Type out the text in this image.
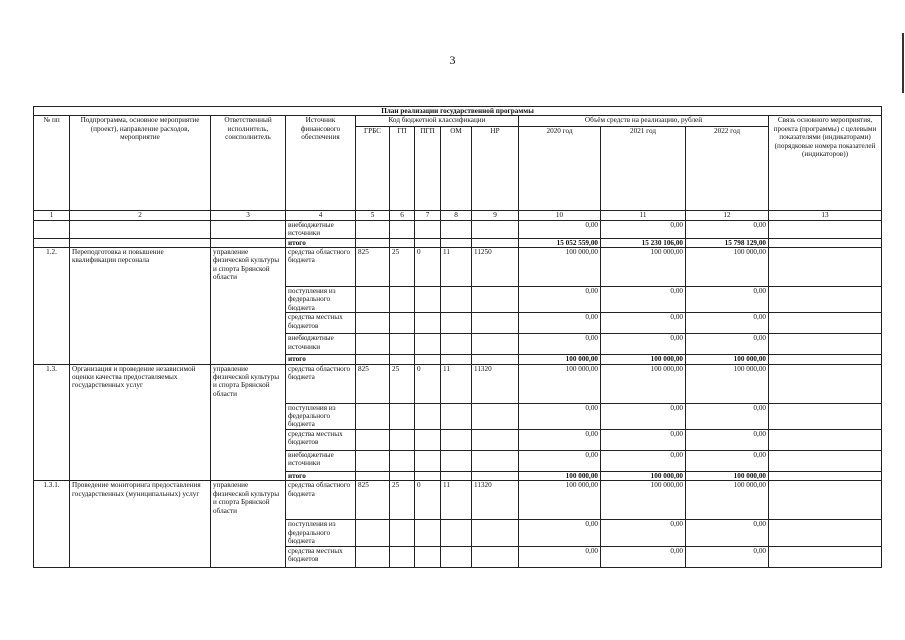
3
План реализации государственной программы												
№ пп	Подпрограмма, основное мероприятие (проект), направление расходов, мероприятие	Ответственный исполнитель, соисполнитель	Источник финансового обеспечения	Код бюджетной классификации					Объём средств на реализацию, рублей			Связь основного мероприятия, проекта (программы) с целевыми показателями (индикаторами) (порядковые номера показателей (индикаторов))
				ГРБС	ГП	ПГП	ОМ	НР	2020 год	2021 год	2022 год	
1	2	3	4	5	6	7	8	9	10	11	12	13
			внебюджетные источники						0,00	0,00	0,00	
			итого						15 052 559,00	15 230 106,00	15 798 129,00	
1.2.	Переподготовка и повышение квалификации персонала	управление физической культуры и спорта Брянской области	средства областного бюджета	825	25	0	11	11250	100 000,00	100 000,00	100 000,00	
			поступления из федерального бюджета						0,00	0,00	0,00	
			средства местных бюджетов						0,00	0,00	0,00	
			внебюджетные источники						0,00	0,00	0,00	
			итого						100 000,00	100 000,00	100 000,00	
1.3.	Организация и проведение независимой оценки качества предоставляемых государственных услуг	управление физической культуры и спорта Брянской области	средства областного бюджета	825	25	0	11	11320	100 000,00	100 000,00	100 000,00	
			поступления из федерального бюджета						0,00	0,00	0,00	
			средства местных бюджетов						0,00	0,00	0,00	
			внебюджетные источники						0,00	0,00	0,00	
			итого						100 000,00	100 000,00	100 000,00	
1.3.1.	Проведение мониторинга предоставления государственных (муниципальных) услуг	управление физической культуры и спорта Брянской области	средства областного бюджета	825	25	0	11	11320	100 000,00	100 000,00	100 000,00	
			поступления из федерального бюджета						0,00	0,00	0,00	
			средства местных бюджетов						0,00	0,00	0,00	
